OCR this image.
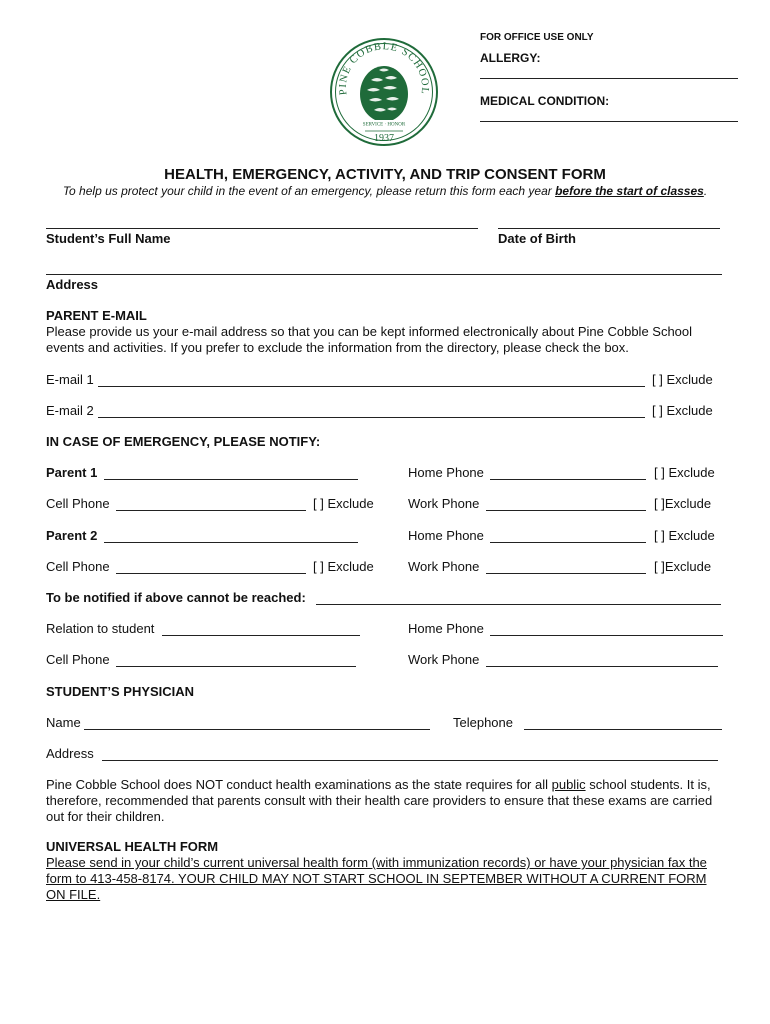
PINE COBBLE SCHOOL
SERVICE · HONOR
1937
FOR OFFICE USE ONLY
ALLERGY:
MEDICAL CONDITION:
HEALTH, EMERGENCY, ACTIVITY, AND TRIP CONSENT FORM
To help us protect your child in the event of an emergency, please return this form each year before the start of classes.
Student’s Full Name	Date of Birth
Address
PARENT E-MAIL
Please provide us your e-mail address so that you can be kept informed electronically about Pine Cobble School events and activities. If you prefer to exclude the information from the directory, please check the box.
E-mail 1	[ ] Exclude
E-mail 2	[ ] Exclude
IN CASE OF EMERGENCY, PLEASE NOTIFY:
Parent 1	Home Phone	[ ] Exclude
Cell Phone	[ ] Exclude	Work Phone	[ ]Exclude
Parent 2	Home Phone	[ ] Exclude
Cell Phone	[ ] Exclude	Work Phone	[ ]Exclude
To be notified if above cannot be reached:
Relation to student	Home Phone
Cell Phone	Work Phone
STUDENT’S PHYSICIAN
Name	Telephone
Address
Pine Cobble School does NOT conduct health examinations as the state requires for all public school students. It is, therefore, recommended that parents consult with their health care providers to ensure that these exams are carried out for their children.
UNIVERSAL HEALTH FORM
Please send in your child’s current universal health form (with immunization records) or have your physician fax the form to 413-458-8174. YOUR CHILD MAY NOT START SCHOOL IN SEPTEMBER WITHOUT A CURRENT FORM ON FILE.
